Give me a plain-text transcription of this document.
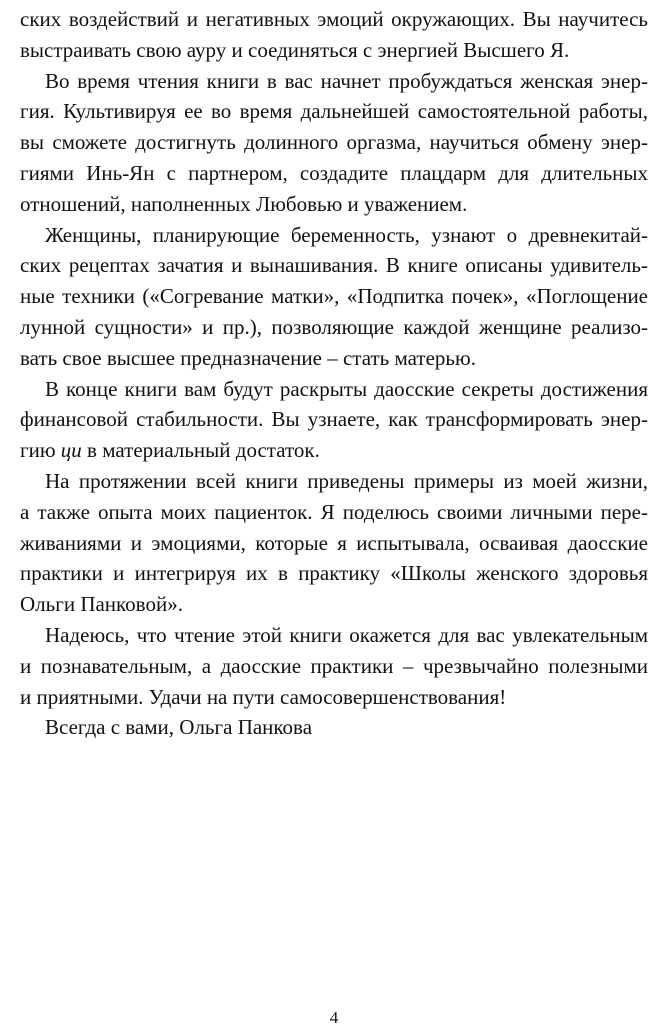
ских воздействий и негативных эмоций окружающих. Вы научитесь
выстраивать свою ауру и соединяться с энергией Высшего Я.
Во время чтения книги в вас начнет пробуждаться женская энер-
гия. Культивируя ее во время дальнейшей самостоятельной работы,
вы сможете достигнуть долинного оргазма, научиться обмену энер-
гиями Инь-Ян с партнером, создадите плацдарм для длительных
отношений, наполненных Любовью и уважением.
Женщины, планирующие беременность, узнают о древнекитай-
ских рецептах зачатия и вынашивания. В книге описаны удивитель-
ные техники («Согревание матки», «Подпитка почек», «Поглощение
лунной сущности» и пр.), позволяющие каждой женщине реализо-
вать свое высшее предназначение – стать матерью.
В конце книги вам будут раскрыты даосские секреты достижения
финансовой стабильности. Вы узнаете, как трансформировать энер-
гию ци в материальный достаток.
На протяжении всей книги приведены примеры из моей жизни,
а также опыта моих пациенток. Я поделюсь своими личными пере-
живаниями и эмоциями, которые я испытывала, осваивая даосские
практики и интегрируя их в практику «Школы женского здоровья
Ольги Панковой».
Надеюсь, что чтение этой книги окажется для вас увлекательным
и познавательным, а даосские практики – чрезвычайно полезными
и приятными. Удачи на пути самосовершенствования!
Всегда с вами, Ольга Панкова
4
